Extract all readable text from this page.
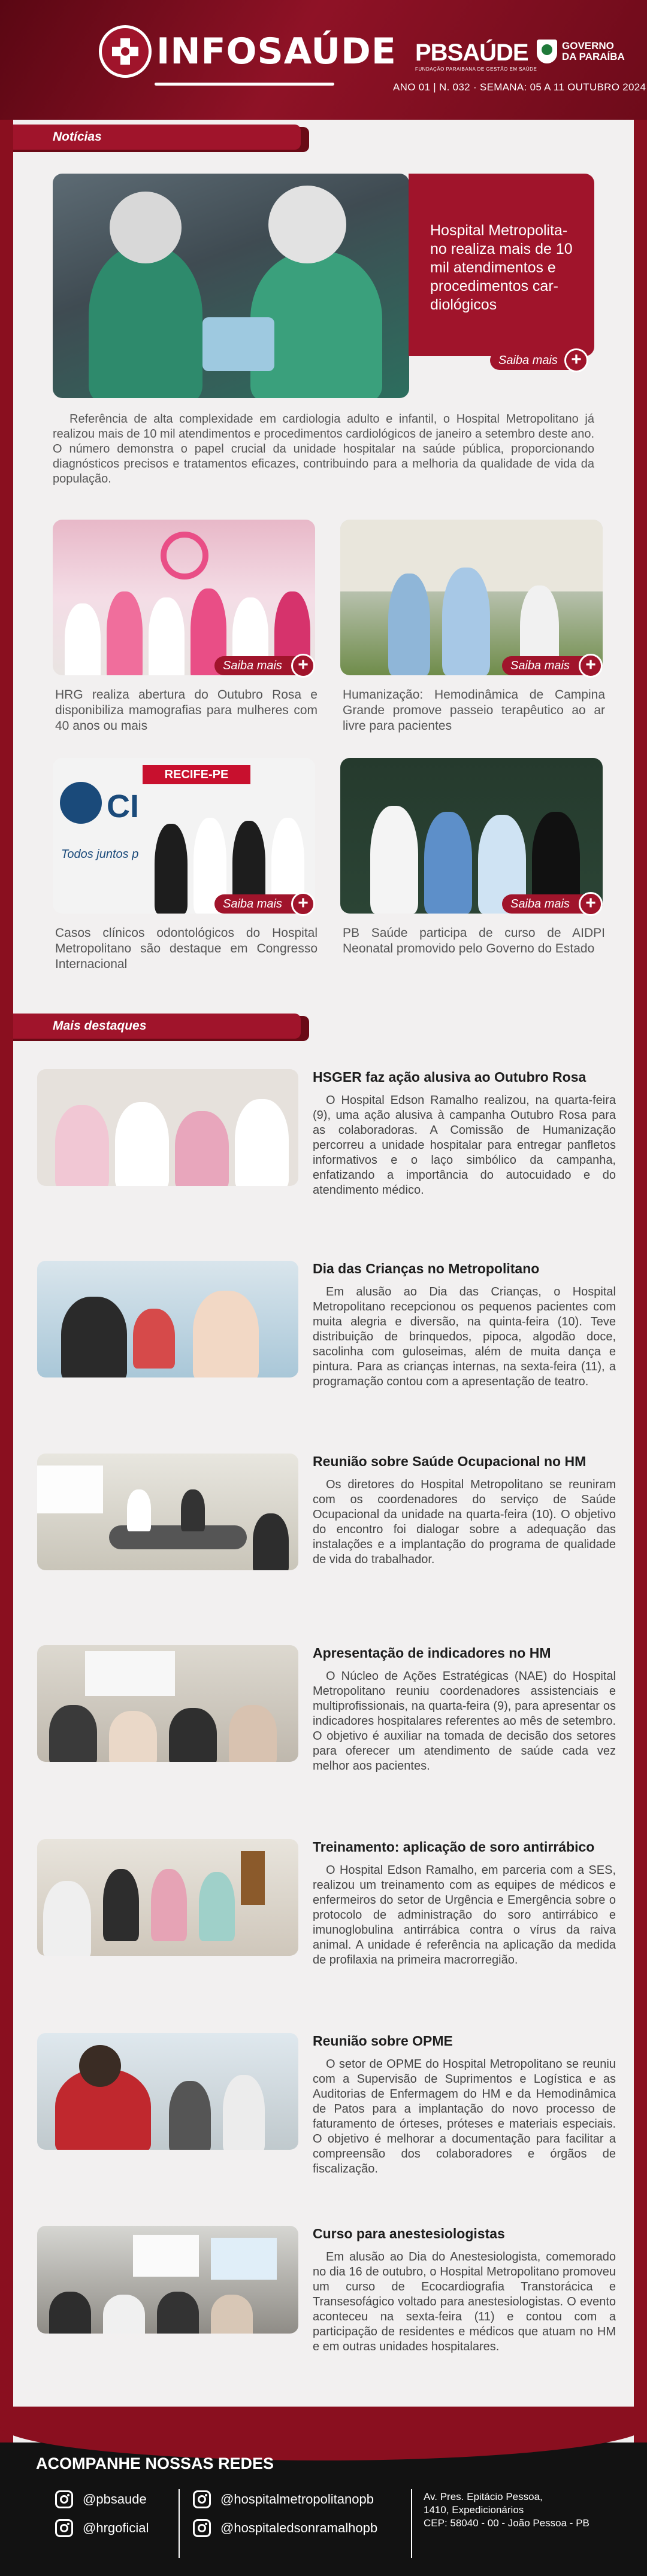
INFOSAÚDE PBSAÚDE
FUNDAÇÃO PARAIBANA DE GESTÃO EM SAÚDE
GOVERNO
DA PARAÍBA
ANO 01 | N. 032 · SEMANA: 05 A 11 OUTUBRO 2024
Notícias
Hospital Metropolita-no realiza mais de 10 mil atendimentos e procedimentos car-diológicos
Saiba mais +
Referência de alta complexidade em cardiologia adulto e infantil, o Hospital Metropolitano já realizou mais de 10 mil atendimentos e procedimentos cardiológicos de janeiro a setembro deste ano. O número demonstra o papel crucial da unidade hospitalar na saúde pública, proporcionando diagnósticos precisos e tratamentos eficazes, contribuindo para a melhoria da qualidade de vida da população.
Saiba mais +
HRG realiza abertura do Outubro Rosa e disponibiliza mamografias para mulheres com 40 anos ou mais
Saiba mais +
Humanização: Hemodinâmica de Campina Grande promove passeio terapêutico ao ar livre para pacientes
RECIFE-PE
CI
Todos juntos p
Saiba mais +
Casos clínicos odontológicos do Hospital Metropolitano são destaque em Congresso Internacional
Saiba mais +
PB Saúde participa de curso de AIDPI Neonatal promovido pelo Governo do Estado
Mais destaques
HSGER faz ação alusiva ao Outubro Rosa
O Hospital Edson Ramalho realizou, na quarta-feira (9), uma ação alusiva à campanha Outubro Rosa para as colaboradoras. A Comissão de Humanização percorreu a unidade hospitalar para entregar panfletos informativos e o laço simbólico da campanha, enfatizando a importância do autocuidado e do atendimento médico.
Dia das Crianças no Metropolitano
Em alusão ao Dia das Crianças, o Hospital Metropolitano recepcionou os pequenos pacientes com muita alegria e diversão, na quinta-feira (10). Teve distribuição de brinquedos, pipoca, algodão doce, sacolinha com guloseimas, além de muita dança e pintura. Para as crianças internas, na sexta-feira (11), a programação contou com a apresentação de teatro.
Reunião sobre Saúde Ocupacional no HM
Os diretores do Hospital Metropolitano se reuniram com os coordenadores do serviço de Saúde Ocupacional da unidade na quarta-feira (10). O objetivo do encontro foi dialogar sobre a adequação das instalações e a implantação do programa de qualidade de vida do trabalhador.
Apresentação de indicadores no HM
O Núcleo de Ações Estratégicas (NAE) do Hospital Metropolitano reuniu coordenadores assistenciais e multiprofissionais, na quarta-feira (9), para apresentar os indicadores hospitalares referentes ao mês de setembro. O objetivo é auxiliar na tomada de decisão dos setores para oferecer um atendimento de saúde cada vez melhor aos pacientes.
Treinamento: aplicação de soro antirrábico
O Hospital Edson Ramalho, em parceria com a SES, realizou um treinamento com as equipes de médicos e enfermeiros do setor de Urgência e Emergência sobre o protocolo de administração do soro antirrábico e imunoglobulina antirrábica contra o vírus da raiva animal. A unidade é referência na aplicação da medida de profilaxia na primeira macrorregião.
Reunião sobre OPME
O setor de OPME do Hospital Metropolitano se reuniu com a Supervisão de Suprimentos e Logística e as Auditorias de Enfermagem do HM e da Hemodinâmica de Patos para a implantação do novo processo de faturamento de órteses, próteses e materiais especiais. O objetivo é melhorar a documentação para facilitar a compreensão dos colaboradores e órgãos de fiscalização.
Curso para anestesiologistas
Em alusão ao Dia do Anestesiologista, comemorado no dia 16 de outubro, o Hospital Metropolitano promoveu um curso de Ecocardiografia Transtorácica e Transesofágico voltado para anestesiologistas. O evento aconteceu na sexta-feira (11) e contou com a participação de residentes e médicos que atuam no HM e em outras unidades hospitalares.
ACOMPANHE NOSSAS REDES
@pbsaude
@hrgoficial
@hospitalmetropolitanopb
@hospitaledsonramalhopb
Av. Pres. Epitácio Pessoa,
1410, Expedicionários
CEP: 58040 - 00 - João Pessoa - PB
